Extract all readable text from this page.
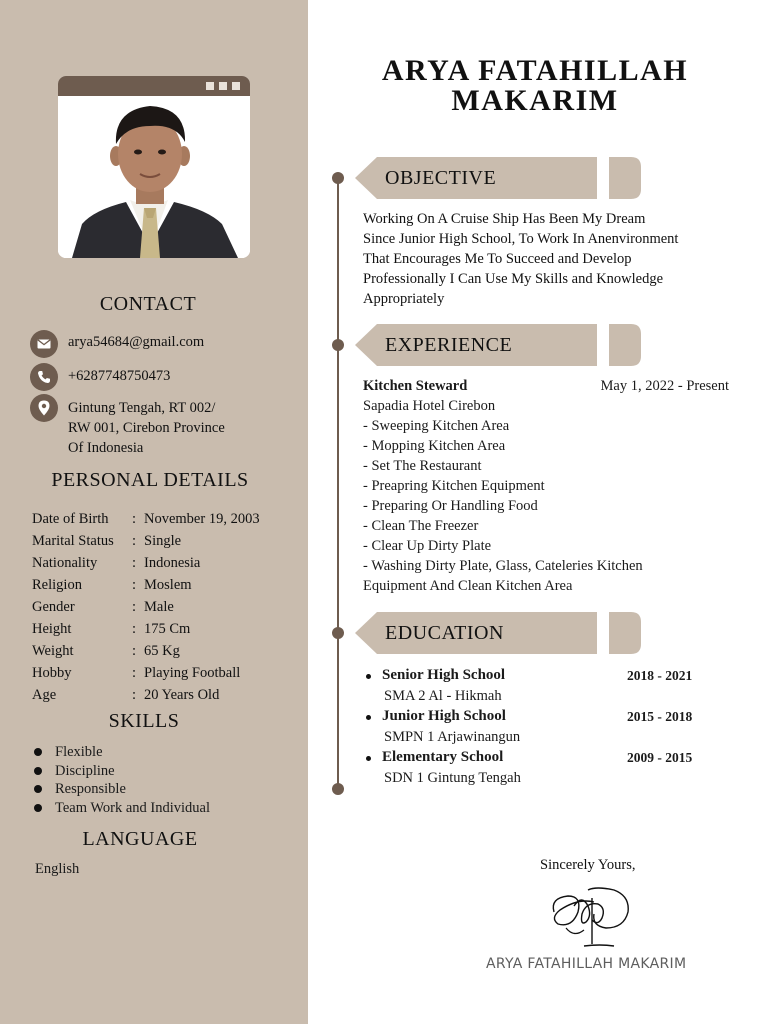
CONTACT
arya54684@gmail.com
+6287748750473
Gintung Tengah, RT 002/
RW 001, Cirebon Province
Of Indonesia
PERSONAL DETAILS
Date of Birth	:	November 19, 2003
Marital Status	:	Single
Nationality	:	Indonesia
Religion	:	Moslem
Gender	:	Male
Height	:	175 Cm
Weight	:	65 Kg
Hobby	:	Playing Football
Age	:	20 Years Old
SKILLS
Flexible
Discipline
Responsible
Team Work and Individual
LANGUAGE
English
ARYA FATAHILLAH
MAKARIM
OBJECTIVE
Working On A Cruise Ship Has Been My Dream
Since Junior High School, To Work In Anenvironment
That Encourages Me To Succeed and Develop
Professionally I Can Use My Skills and Knowledge
Appropriately
EXPERIENCE
Kitchen Steward	May 1, 2022 - Present
Sapadia Hotel Cirebon
- Sweeping Kitchen Area
- Mopping Kitchen Area
- Set The Restaurant
- Preapring Kitchen Equipment
- Preparing Or Handling Food
- Clean The Freezer
- Clear Up Dirty Plate
- Washing Dirty Plate, Glass, Cateleries Kitchen
Equipment And Clean Kitchen Area
EDUCATION
Senior High School	2018 - 2021
SMA 2 Al - Hikmah
Junior High School	2015 - 2018
SMPN 1 Arjawinangun
Elementary School	2009 - 2015
SDN 1 Gintung Tengah
Sincerely Yours,
ARYA FATAHILLAH MAKARIM
